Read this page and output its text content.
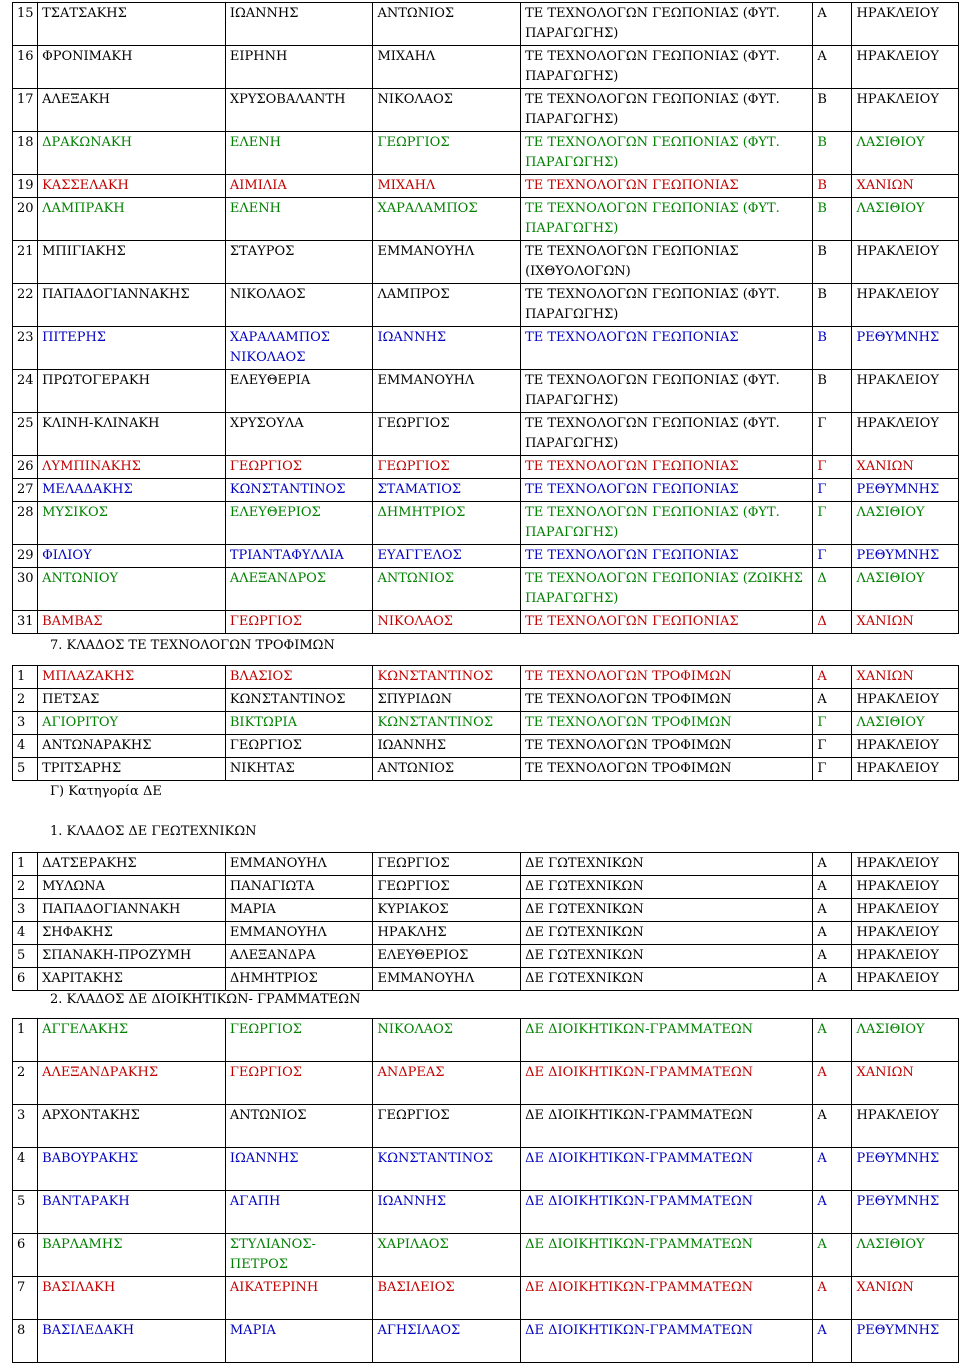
15	ΤΣΑΤΣΑΚΗΣ	ΙΩΑΝΝΗΣ	ΑΝΤΩΝΙΟΣ	ΤΕ ΤΕΧΝΟΛΟΓΩΝ ΓΕΩΠΟΝΙΑΣ (ΦΥΤ. ΠΑΡΑΓΩΓΗΣ)	Α	ΗΡΑΚΛΕΙΟΥ
16	ΦΡΟΝΙΜΑΚΗ	ΕΙΡΗΝΗ	ΜΙΧΑΗΛ	ΤΕ ΤΕΧΝΟΛΟΓΩΝ ΓΕΩΠΟΝΙΑΣ (ΦΥΤ. ΠΑΡΑΓΩΓΗΣ)	Α	ΗΡΑΚΛΕΙΟΥ
17	ΑΛΕΞΑΚΗ	ΧΡΥΣΟΒΑΛΑΝΤΗ	ΝΙΚΟΛΑΟΣ	ΤΕ ΤΕΧΝΟΛΟΓΩΝ ΓΕΩΠΟΝΙΑΣ (ΦΥΤ. ΠΑΡΑΓΩΓΗΣ)	Β	ΗΡΑΚΛΕΙΟΥ
18	ΔΡΑΚΩΝΑΚΗ	ΕΛΕΝΗ	ΓΕΩΡΓΙΟΣ	ΤΕ ΤΕΧΝΟΛΟΓΩΝ ΓΕΩΠΟΝΙΑΣ (ΦΥΤ. ΠΑΡΑΓΩΓΗΣ)	Β	ΛΑΣΙΘΙΟΥ
19	ΚΑΣΣΕΛΑΚΗ	ΑΙΜΙΛΙΑ	ΜΙΧΑΗΛ	ΤΕ ΤΕΧΝΟΛΟΓΩΝ ΓΕΩΠΟΝΙΑΣ	Β	ΧΑΝΙΩΝ
20	ΛΑΜΠΡΑΚΗ	ΕΛΕΝΗ	ΧΑΡΑΛΑΜΠΟΣ	ΤΕ ΤΕΧΝΟΛΟΓΩΝ ΓΕΩΠΟΝΙΑΣ (ΦΥΤ. ΠΑΡΑΓΩΓΗΣ)	Β	ΛΑΣΙΘΙΟΥ
21	ΜΠΙΓΙΑΚΗΣ	ΣΤΑΥΡΟΣ	ΕΜΜΑΝΟΥΗΛ	ΤΕ ΤΕΧΝΟΛΟΓΩΝ ΓΕΩΠΟΝΙΑΣ (ΙΧΘΥΟΛΟΓΩΝ)	Β	ΗΡΑΚΛΕΙΟΥ
22	ΠΑΠΑΔΟΓΙΑΝΝΑΚΗΣ	ΝΙΚΟΛΑΟΣ	ΛΑΜΠΡΟΣ	ΤΕ ΤΕΧΝΟΛΟΓΩΝ ΓΕΩΠΟΝΙΑΣ (ΦΥΤ. ΠΑΡΑΓΩΓΗΣ)	Β	ΗΡΑΚΛΕΙΟΥ
23	ΠΙΤΕΡΗΣ	ΧΑΡΑΛΑΜΠΟΣ ΝΙΚΟΛΑΟΣ	ΙΩΑΝΝΗΣ	ΤΕ ΤΕΧΝΟΛΟΓΩΝ ΓΕΩΠΟΝΙΑΣ	Β	ΡΕΘΥΜΝΗΣ
24	ΠΡΩΤΟΓΕΡΑΚΗ	ΕΛΕΥΘΕΡΙΑ	ΕΜΜΑΝΟΥΗΛ	ΤΕ ΤΕΧΝΟΛΟΓΩΝ ΓΕΩΠΟΝΙΑΣ (ΦΥΤ. ΠΑΡΑΓΩΓΗΣ)	Β	ΗΡΑΚΛΕΙΟΥ
25	ΚΛΙΝΗ-ΚΛΙΝΑΚΗ	ΧΡΥΣΟΥΛΑ	ΓΕΩΡΓΙΟΣ	ΤΕ ΤΕΧΝΟΛΟΓΩΝ ΓΕΩΠΟΝΙΑΣ (ΦΥΤ. ΠΑΡΑΓΩΓΗΣ)	Γ	ΗΡΑΚΛΕΙΟΥ
26	ΛΥΜΠΙΝΑΚΗΣ	ΓΕΩΡΓΙΟΣ	ΓΕΩΡΓΙΟΣ	ΤΕ ΤΕΧΝΟΛΟΓΩΝ ΓΕΩΠΟΝΙΑΣ	Γ	ΧΑΝΙΩΝ
27	ΜΕΛΑΔΑΚΗΣ	ΚΩΝΣΤΑΝΤΙΝΟΣ	ΣΤΑΜΑΤΙΟΣ	ΤΕ ΤΕΧΝΟΛΟΓΩΝ ΓΕΩΠΟΝΙΑΣ	Γ	ΡΕΘΥΜΝΗΣ
28	ΜΥΣΙΚΟΣ	ΕΛΕΥΘΕΡΙΟΣ	ΔΗΜΗΤΡΙΟΣ	ΤΕ ΤΕΧΝΟΛΟΓΩΝ ΓΕΩΠΟΝΙΑΣ (ΦΥΤ. ΠΑΡΑΓΩΓΗΣ)	Γ	ΛΑΣΙΘΙΟΥ
29	ΦΙΛΙΟΥ	ΤΡΙΑΝΤΑΦΥΛΛΙΑ	ΕΥΑΓΓΕΛΟΣ	ΤΕ ΤΕΧΝΟΛΟΓΩΝ ΓΕΩΠΟΝΙΑΣ	Γ	ΡΕΘΥΜΝΗΣ
30	ΑΝΤΩΝΙΟΥ	ΑΛΕΞΑΝΔΡΟΣ	ΑΝΤΩΝΙΟΣ	ΤΕ ΤΕΧΝΟΛΟΓΩΝ ΓΕΩΠΟΝΙΑΣ (ΖΩΙΚΗΣ ΠΑΡΑΓΩΓΗΣ)	Δ	ΛΑΣΙΘΙΟΥ
31	ΒΑΜΒΑΣ	ΓΕΩΡΓΙΟΣ	ΝΙΚΟΛΑΟΣ	ΤΕ ΤΕΧΝΟΛΟΓΩΝ ΓΕΩΠΟΝΙΑΣ	Δ	ΧΑΝΙΩΝ
7. ΚΛΑΔΟΣ ΤΕ ΤΕΧΝΟΛΟΓΩΝ ΤΡΟΦΙΜΩΝ
1	ΜΠΛΑΖΑΚΗΣ	ΒΛΑΣΙΟΣ	ΚΩΝΣΤΑΝΤΙΝΟΣ	ΤΕ ΤΕΧΝΟΛΟΓΩΝ ΤΡΟΦΙΜΩΝ	Α	ΧΑΝΙΩΝ
2	ΠΕΤΣΑΣ	ΚΩΝΣΤΑΝΤΙΝΟΣ	ΣΠΥΡΙΔΩΝ	ΤΕ ΤΕΧΝΟΛΟΓΩΝ ΤΡΟΦΙΜΩΝ	Α	ΗΡΑΚΛΕΙΟΥ
3	ΑΓΙΟΡΙΤΟΥ	ΒΙΚΤΩΡΙΑ	ΚΩΝΣΤΑΝΤΙΝΟΣ	ΤΕ ΤΕΧΝΟΛΟΓΩΝ ΤΡΟΦΙΜΩΝ	Γ	ΛΑΣΙΘΙΟΥ
4	ΑΝΤΩΝΑΡΑΚΗΣ	ΓΕΩΡΓΙΟΣ	ΙΩΑΝΝΗΣ	ΤΕ ΤΕΧΝΟΛΟΓΩΝ ΤΡΟΦΙΜΩΝ	Γ	ΗΡΑΚΛΕΙΟΥ
5	ΤΡΙΤΣΑΡΗΣ	ΝΙΚΗΤΑΣ	ΑΝΤΩΝΙΟΣ	ΤΕ ΤΕΧΝΟΛΟΓΩΝ ΤΡΟΦΙΜΩΝ	Γ	ΗΡΑΚΛΕΙΟΥ
Γ) Κατηγορία ΔΕ
1. ΚΛΑΔΟΣ ΔΕ ΓΕΩΤΕΧΝΙΚΩΝ
1	ΔΑΤΣΕΡΑΚΗΣ	ΕΜΜΑΝΟΥΗΛ	ΓΕΩΡΓΙΟΣ	ΔΕ ΓΩΤΕΧΝΙΚΩΝ	Α	ΗΡΑΚΛΕΙΟΥ
2	ΜΥΛΩΝΑ	ΠΑΝΑΓΙΩΤΑ	ΓΕΩΡΓΙΟΣ	ΔΕ ΓΩΤΕΧΝΙΚΩΝ	Α	ΗΡΑΚΛΕΙΟΥ
3	ΠΑΠΑΔΟΓΙΑΝΝΑΚΗ	ΜΑΡΙΑ	ΚΥΡΙΑΚΟΣ	ΔΕ ΓΩΤΕΧΝΙΚΩΝ	Α	ΗΡΑΚΛΕΙΟΥ
4	ΣΗΦΑΚΗΣ	ΕΜΜΑΝΟΥΗΛ	ΗΡΑΚΛΗΣ	ΔΕ ΓΩΤΕΧΝΙΚΩΝ	Α	ΗΡΑΚΛΕΙΟΥ
5	ΣΠΑΝΑΚΗ-ΠΡΟΖΥΜΗ	ΑΛΕΞΑΝΔΡΑ	ΕΛΕΥΘΕΡΙΟΣ	ΔΕ ΓΩΤΕΧΝΙΚΩΝ	Α	ΗΡΑΚΛΕΙΟΥ
6	ΧΑΡΙΤΑΚΗΣ	ΔΗΜΗΤΡΙΟΣ	ΕΜΜΑΝΟΥΗΛ	ΔΕ ΓΩΤΕΧΝΙΚΩΝ	Α	ΗΡΑΚΛΕΙΟΥ
2. ΚΛΑΔΟΣ ΔΕ ΔΙΟΙΚΗΤΙΚΩΝ- ΓΡΑΜΜΑΤΕΩΝ
1	ΑΓΓΕΛΑΚΗΣ	ΓΕΩΡΓΙΟΣ	ΝΙΚΟΛΑΟΣ	ΔΕ ΔΙΟΙΚΗΤΙΚΩΝ-ΓΡΑΜΜΑΤΕΩΝ	Α	ΛΑΣΙΘΙΟΥ
2	ΑΛΕΞΑΝΔΡΑΚΗΣ	ΓΕΩΡΓΙΟΣ	ΑΝΔΡΕΑΣ	ΔΕ ΔΙΟΙΚΗΤΙΚΩΝ-ΓΡΑΜΜΑΤΕΩΝ	Α	ΧΑΝΙΩΝ
3	ΑΡΧΟΝΤΑΚΗΣ	ΑΝΤΩΝΙΟΣ	ΓΕΩΡΓΙΟΣ	ΔΕ ΔΙΟΙΚΗΤΙΚΩΝ-ΓΡΑΜΜΑΤΕΩΝ	Α	ΗΡΑΚΛΕΙΟΥ
4	ΒΑΒΟΥΡΑΚΗΣ	ΙΩΑΝΝΗΣ	ΚΩΝΣΤΑΝΤΙΝΟΣ	ΔΕ ΔΙΟΙΚΗΤΙΚΩΝ-ΓΡΑΜΜΑΤΕΩΝ	Α	ΡΕΘΥΜΝΗΣ
5	ΒΑΝΤΑΡΑΚΗ	ΑΓΑΠΗ	ΙΩΑΝΝΗΣ	ΔΕ ΔΙΟΙΚΗΤΙΚΩΝ-ΓΡΑΜΜΑΤΕΩΝ	Α	ΡΕΘΥΜΝΗΣ
6	ΒΑΡΛΑΜΗΣ	ΣΤΥΛΙΑΝΟΣ- ΠΕΤΡΟΣ	ΧΑΡΙΛΑΟΣ	ΔΕ ΔΙΟΙΚΗΤΙΚΩΝ-ΓΡΑΜΜΑΤΕΩΝ	Α	ΛΑΣΙΘΙΟΥ
7	ΒΑΣΙΛΑΚΗ	ΑΙΚΑΤΕΡΙΝΗ	ΒΑΣΙΛΕΙΟΣ	ΔΕ ΔΙΟΙΚΗΤΙΚΩΝ-ΓΡΑΜΜΑΤΕΩΝ	Α	ΧΑΝΙΩΝ
8	ΒΑΣΙΛΕΔΑΚΗ	ΜΑΡΙΑ	ΑΓΗΣΙΛΑΟΣ	ΔΕ ΔΙΟΙΚΗΤΙΚΩΝ-ΓΡΑΜΜΑΤΕΩΝ	Α	ΡΕΘΥΜΝΗΣ
